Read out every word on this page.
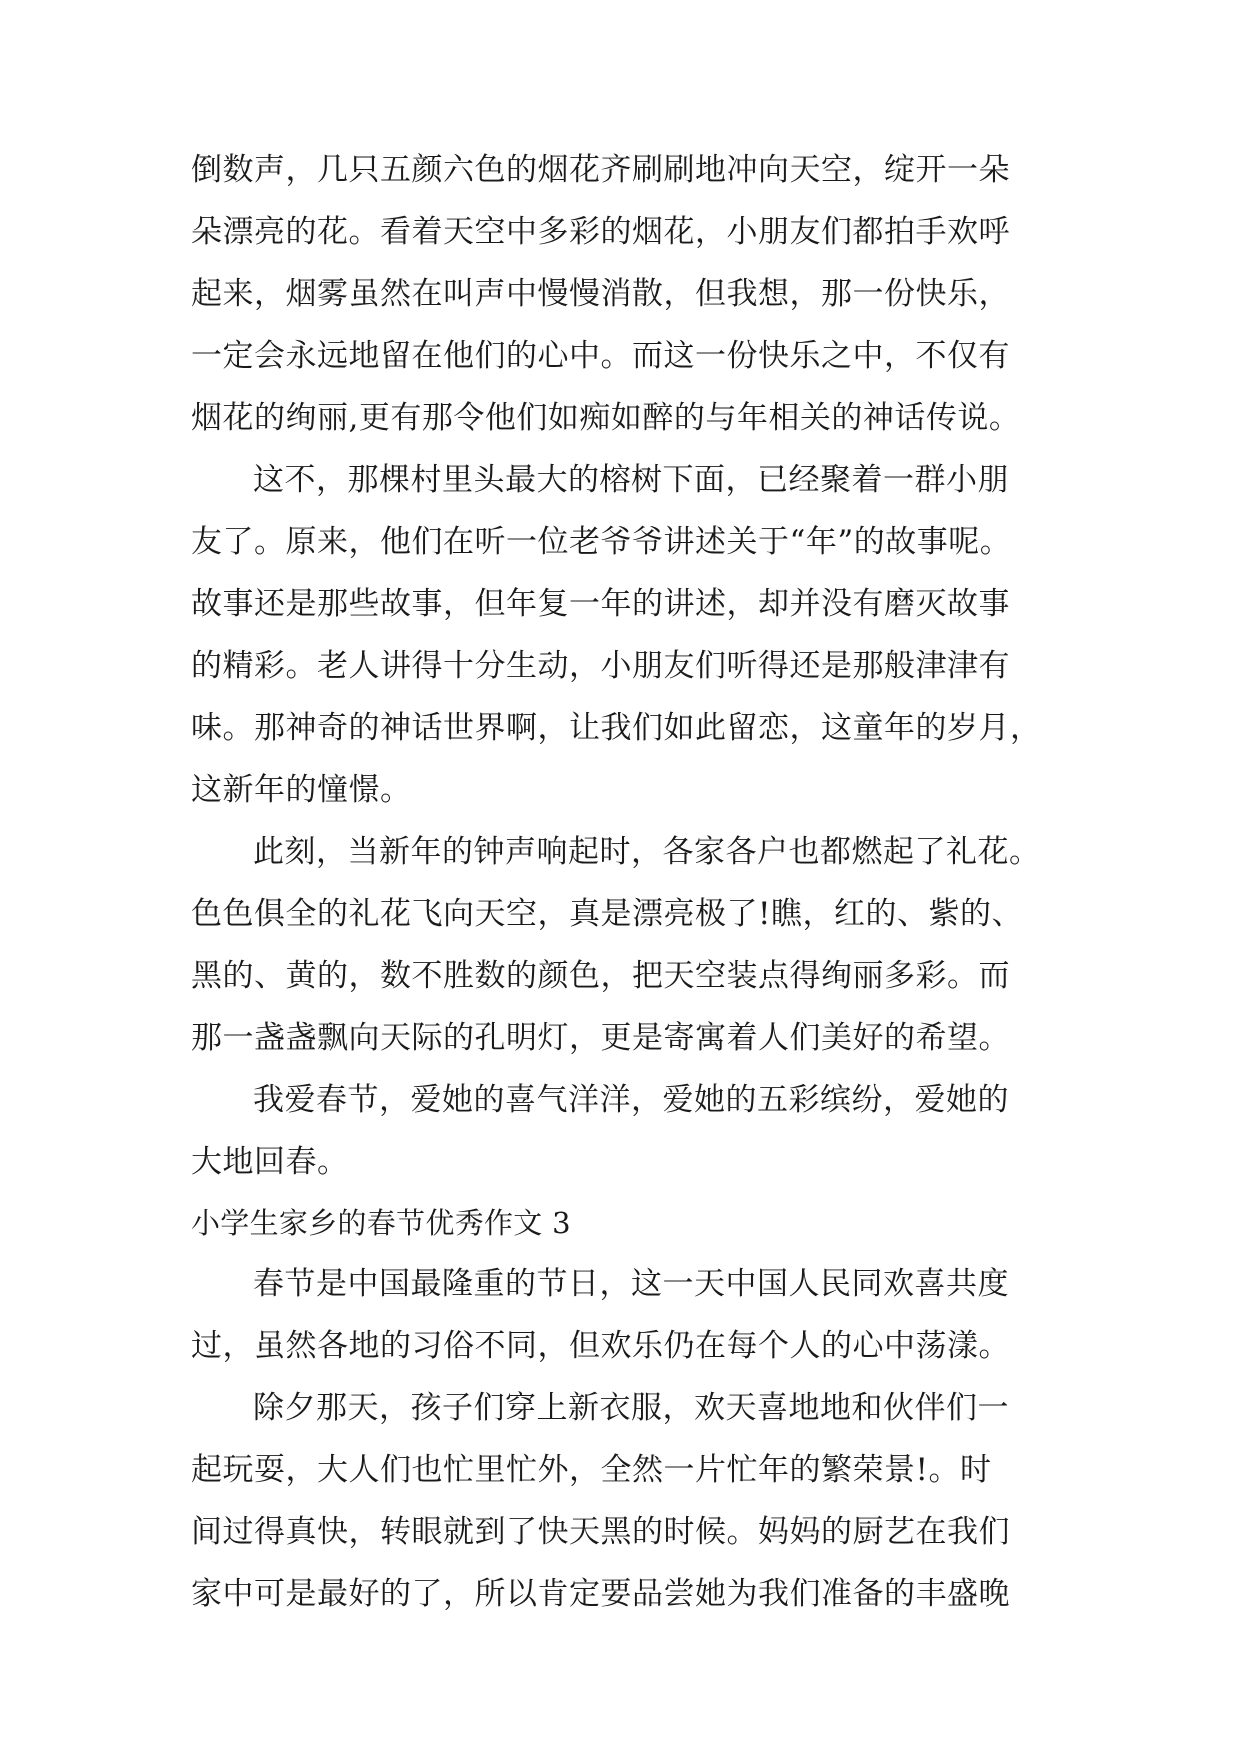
倒数声，几只五颜六色的烟花齐刷刷地冲向天空，绽开一朵
朵漂亮的花。看着天空中多彩的烟花，小朋友们都拍手欢呼
起来，烟雾虽然在叫声中慢慢消散，但我想，那一份快乐，
一定会永远地留在他们的心中。而这一份快乐之中，不仅有
烟花的绚丽,更有那令他们如痴如醉的与年相关的神话传说。
这不，那棵村里头最大的榕树下面，已经聚着一群小朋
友了。原来，他们在听一位老爷爷讲述关于“年”的故事呢。
故事还是那些故事，但年复一年的讲述，却并没有磨灭故事
的精彩。老人讲得十分生动，小朋友们听得还是那般津津有
味。那神奇的神话世界啊，让我们如此留恋，这童年的岁月，
这新年的憧憬。
此刻，当新年的钟声响起时，各家各户也都燃起了礼花。
色色俱全的礼花飞向天空，真是漂亮极了!瞧，红的、紫的、
黑的、黄的，数不胜数的颜色，把天空装点得绚丽多彩。而
那一盏盏飘向天际的孔明灯，更是寄寓着人们美好的希望。
我爱春节，爱她的喜气洋洋，爱她的五彩缤纷，爱她的
大地回春。
小学生家乡的春节优秀作文 3
春节是中国最隆重的节日，这一天中国人民同欢喜共度
过，虽然各地的习俗不同，但欢乐仍在每个人的心中荡漾。
除夕那天，孩子们穿上新衣服，欢天喜地地和伙伴们一
起玩耍，大人们也忙里忙外，全然一片忙年的繁荣景!。时
间过得真快，转眼就到了快天黑的时候。妈妈的厨艺在我们
家中可是最好的了，所以肯定要品尝她为我们准备的丰盛晚
